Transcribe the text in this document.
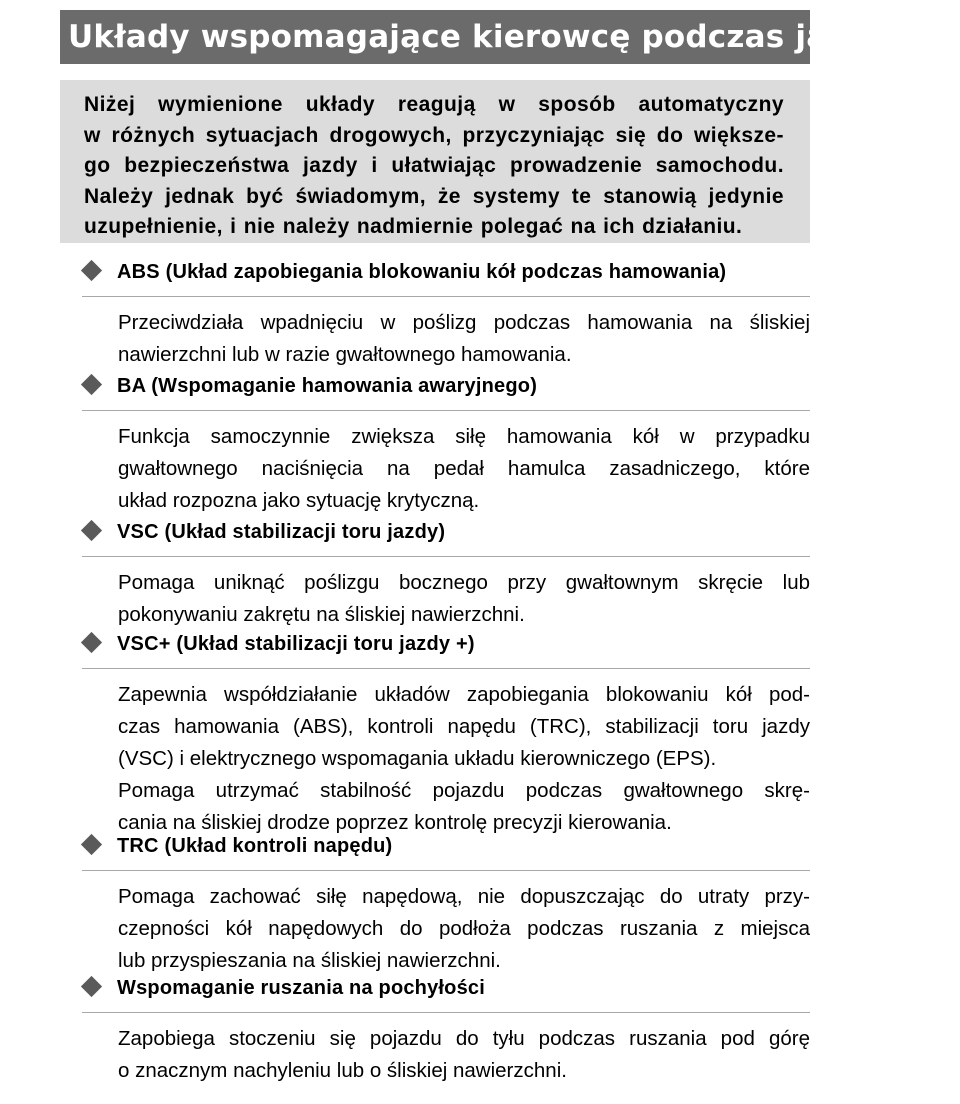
Układy wspomagające kierowcę podczas jazdy
Niżej wymienione układy reagują w sposób automatyczny
w różnych sytuacjach drogowych, przyczyniając się do większe-
go bezpieczeństwa jazdy i ułatwiając prowadzenie samochodu.
Należy jednak być świadomym, że systemy te stanowią jedynie
uzupełnienie, i nie należy nadmiernie polegać na ich działaniu.
ABS (Układ zapobiegania blokowaniu kół podczas hamowania)
Przeciwdziała wpadnięciu w poślizg podczas hamowania na śliskiej
nawierzchni lub w razie gwałtownego hamowania.
BA (Wspomaganie hamowania awaryjnego)
Funkcja samoczynnie zwiększa siłę hamowania kół w przypadku
gwałtownego naciśnięcia na pedał hamulca zasadniczego, które
układ rozpozna jako sytuację krytyczną.
VSC (Układ stabilizacji toru jazdy)
Pomaga uniknąć poślizgu bocznego przy gwałtownym skręcie lub
pokonywaniu zakrętu na śliskiej nawierzchni.
VSC+ (Układ stabilizacji toru jazdy +)
Zapewnia współdziałanie układów zapobiegania blokowaniu kół pod-
czas hamowania (ABS), kontroli napędu (TRC), stabilizacji toru jazdy
(VSC) i elektrycznego wspomagania układu kierowniczego (EPS).
Pomaga utrzymać stabilność pojazdu podczas gwałtownego skrę-
cania na śliskiej drodze poprzez kontrolę precyzji kierowania.
TRC (Układ kontroli napędu)
Pomaga zachować siłę napędową, nie dopuszczając do utraty przy-
czepności kół napędowych do podłoża podczas ruszania z miejsca
lub przyspieszania na śliskiej nawierzchni.
Wspomaganie ruszania na pochyłości
Zapobiega stoczeniu się pojazdu do tyłu podczas ruszania pod górę
o znacznym nachyleniu lub o śliskiej nawierzchni.
